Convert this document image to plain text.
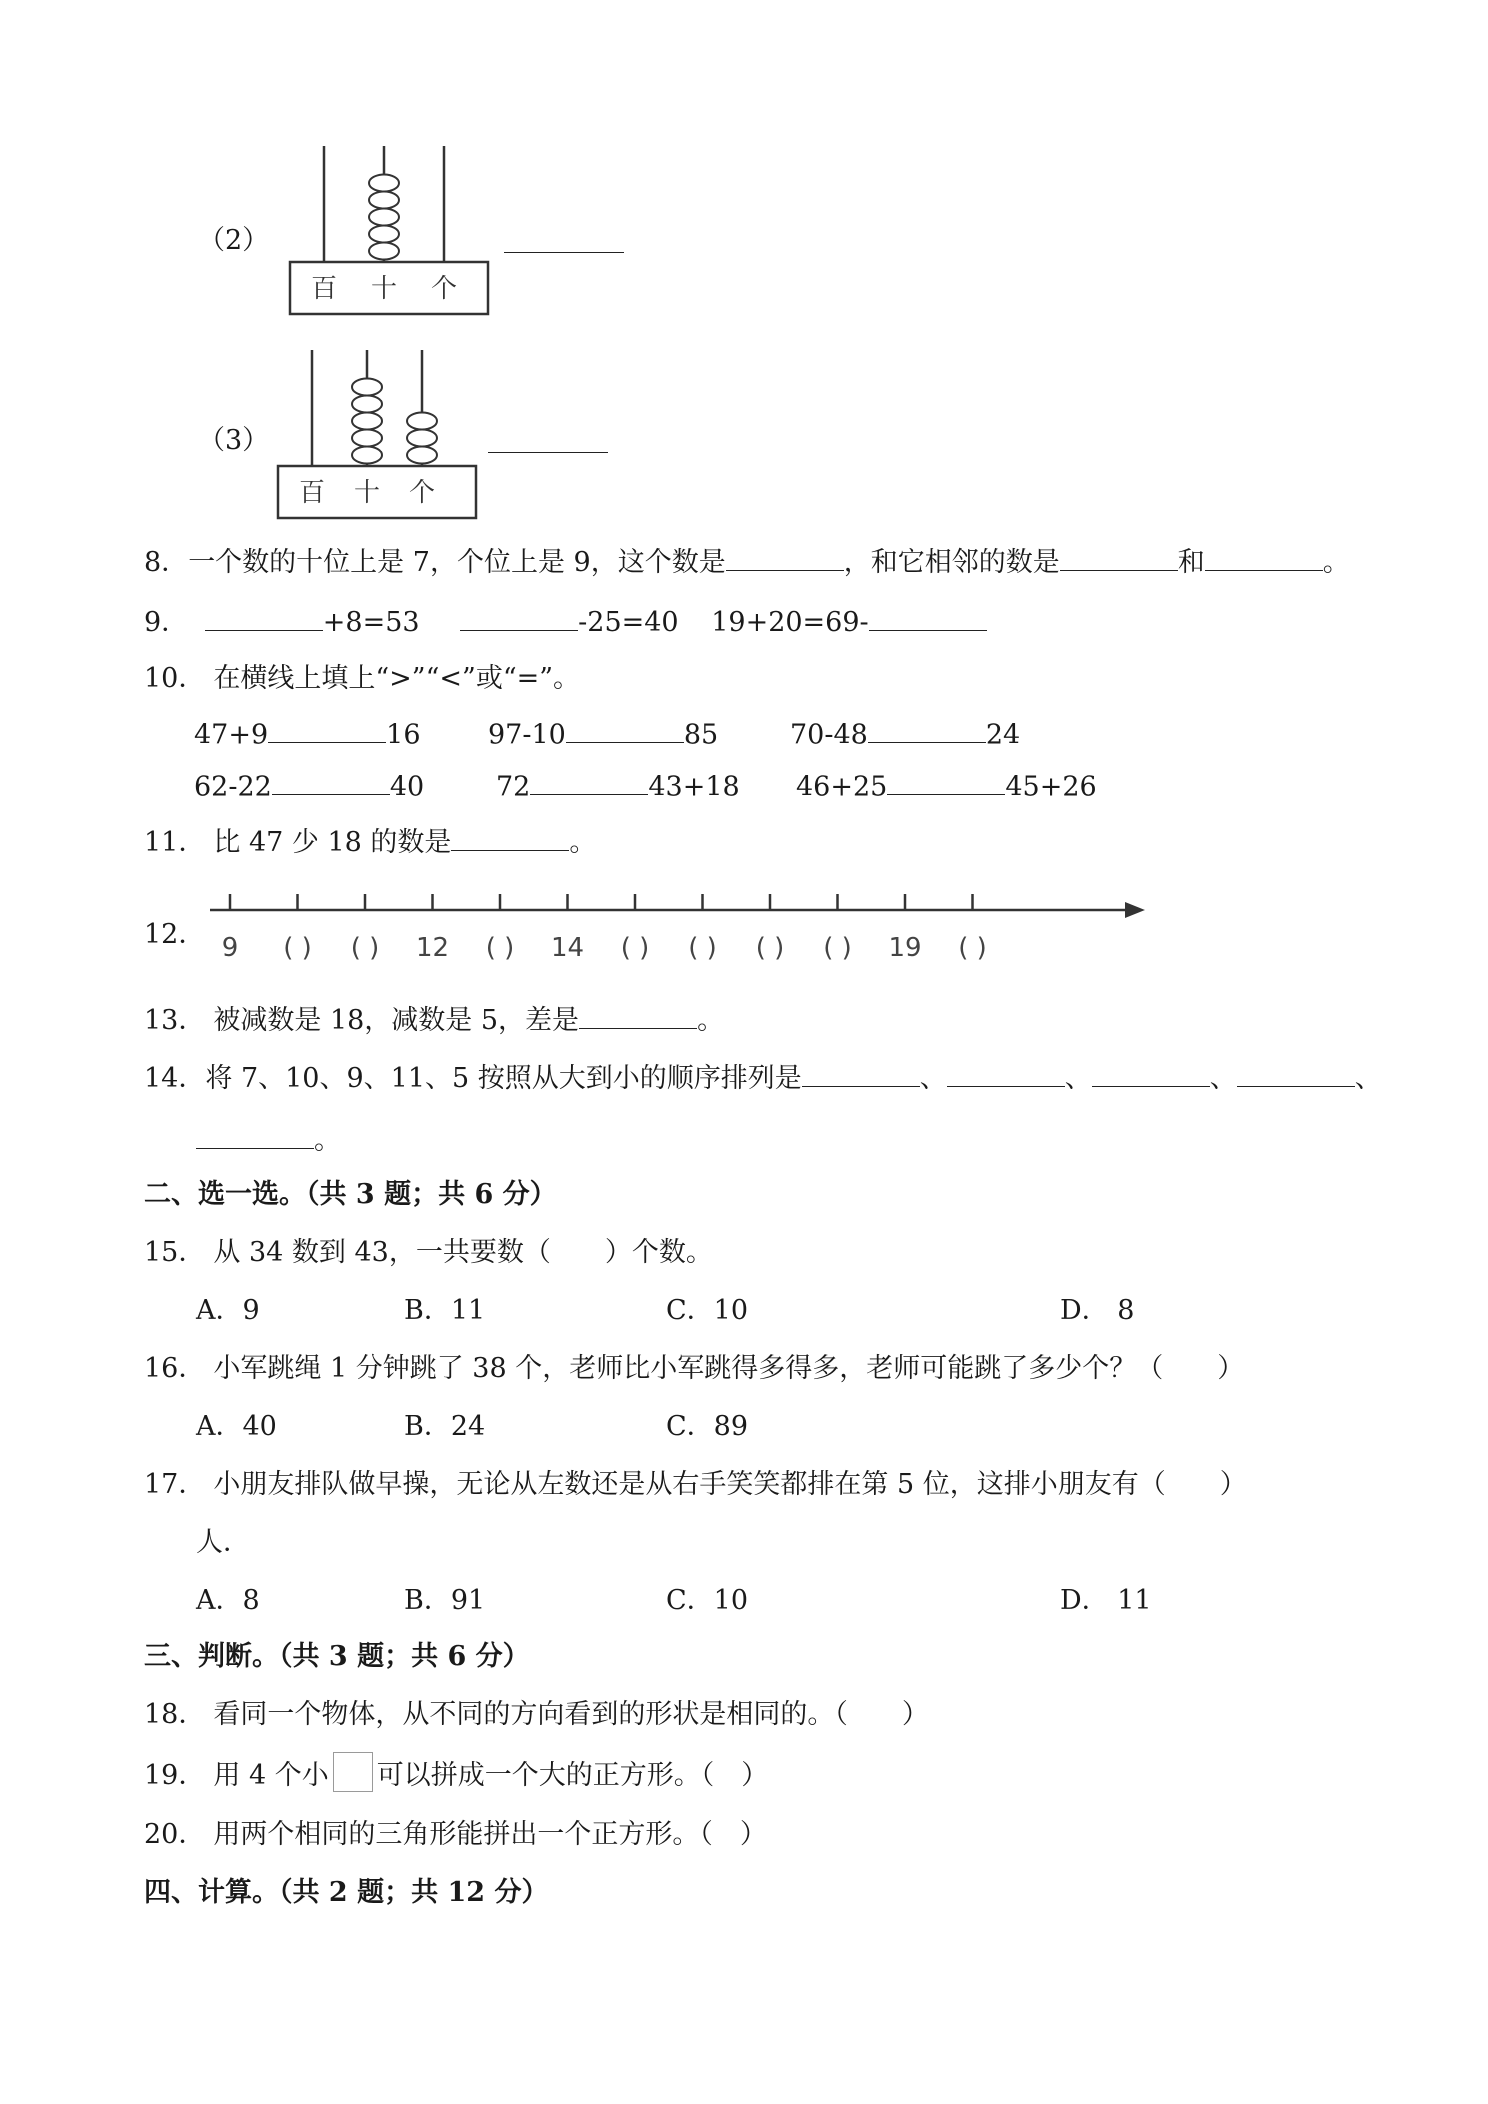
（2）
百 十 个
（3）
百 十 个
8．一个数的十位上是 7，个位上是 9，这个数是	，和它相邻的数是	和	。
9．	+8=53	-25=40 19+20=69-
10． 在横线上填上“>”“<”或“=”。
47+9	16 97-10	85	70-48	24
62-22	40	72	43+18 46+25	45+26
11． 比 47 少 18 的数是	。
12． 9 ( ) ( ) 12 ( ) 14 ( ) ( ) ( ) ( ) 19 ( )
13． 被减数是 18，减数是 5，差是	。
14．将 7、10、9、11、5 按照从大到小的顺序排列是	、	、	、	、
。
二、选一选。（共 3 题；共 6 分）
15． 从 34 数到 43，一共要数（　　）个数。
A．9	B．11	C．10	D． 8
16． 小军跳绳 1 分钟跳了 38 个，老师比小军跳得多得多，老师可能跳了多少个？（　　）
A．40	B．24	C．89
17． 小朋友排队做早操，无论从左数还是从右手笑笑都排在第 5 位，这排小朋友有（　　）
人．
A．8	B．91	C．10	D． 11
三、判断。（共 3 题；共 6 分）
18． 看同一个物体，从不同的方向看到的形状是相同的。（　　）
19． 用 4 个小 可以拼成一个大的正方形。（　）
20． 用两个相同的三角形能拼出一个正方形。（　）
四、计算。（共 2 题；共 12 分）
